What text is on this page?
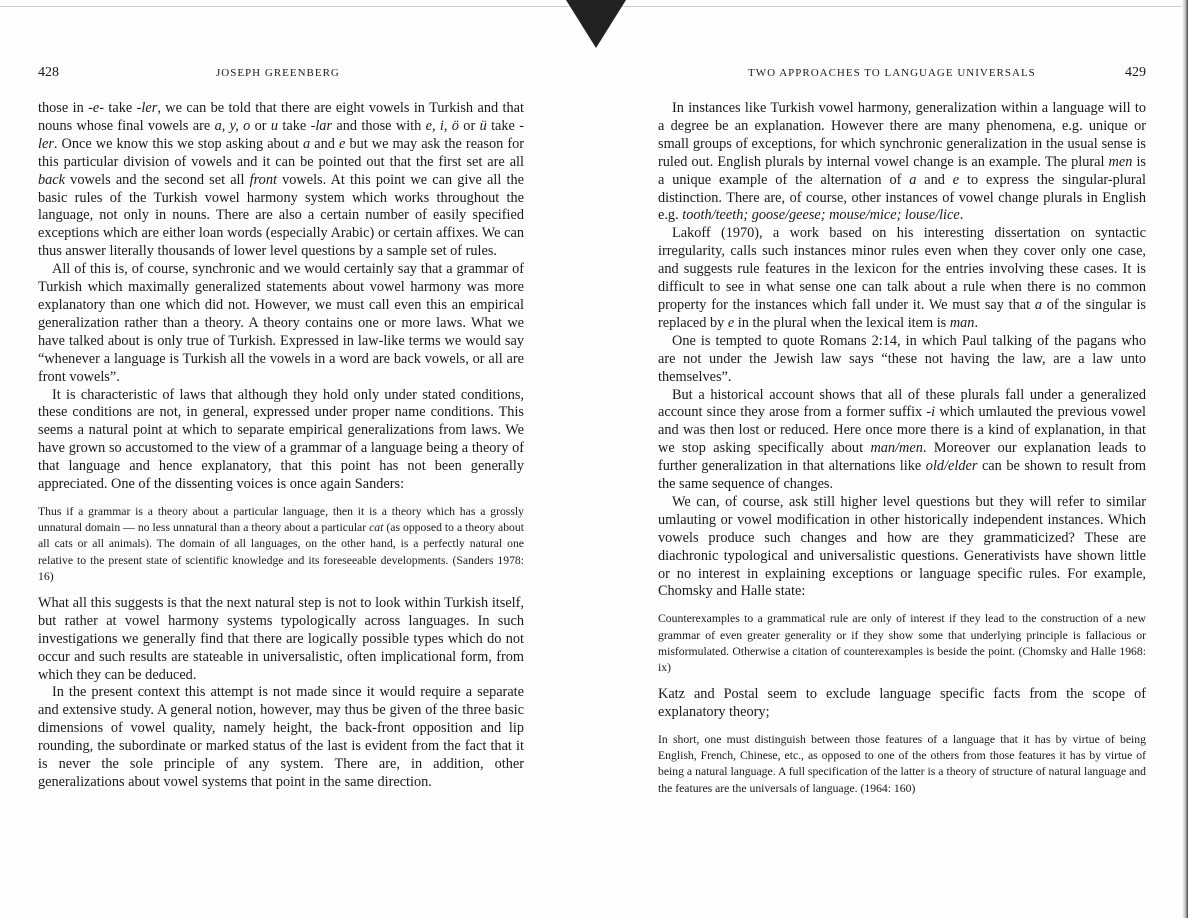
428	JOSEPH GREENBERG

those in -e- take -ler, we can be told that there are eight vowels in Turkish and that nouns whose final vowels are a, y, o or u take -lar and those with e, i, ö or ü take -ler. Once we know this we stop asking about a and e but we may ask the reason for this particular division of vowels and it can be pointed out that the first set are all back vowels and the second set all front vowels. At this point we can give all the basic rules of the Turkish vowel harmony system which works throughout the language, not only in nouns. There are also a certain number of easily specified exceptions which are either loan words (especially Arabic) or certain affixes. We can thus answer literally thousands of lower level questions by a sample set of rules.

All of this is, of course, synchronic and we would certainly say that a grammar of Turkish which maximally generalized statements about vowel harmony was more explanatory than one which did not. However, we must call even this an empirical generalization rather than a theory. A theory contains one or more laws. What we have talked about is only true of Turkish. Expressed in law-like terms we would say “whenever a language is Turkish all the vowels in a word are back vowels, or all are front vowels”.

It is characteristic of laws that although they hold only under stated conditions, these conditions are not, in general, expressed under proper name conditions. This seems a natural point at which to separate empirical generalizations from laws. We have grown so accustomed to the view of a grammar of a language being a theory of that language and hence explanatory, that this point has not been generally appreciated. One of the dissenting voices is once again Sanders:

Thus if a grammar is a theory about a particular language, then it is a theory which has a grossly unnatural domain — no less unnatural than a theory about a particular cat (as opposed to a theory about all cats or all animals). The domain of all languages, on the other hand, is a perfectly natural one relative to the present state of scientific knowledge and its foreseeable developments. (Sanders 1978: 16)

What all this suggests is that the next natural step is not to look within Turkish itself, but rather at vowel harmony systems typologically across languages. In such investigations we generally find that there are logically possible types which do not occur and such results are stateable in universalistic, often implicational form, from which they can be deduced.

In the present context this attempt is not made since it would require a separate and extensive study. A general notion, however, may thus be given of the three basic dimensions of vowel quality, namely height, the back-front opposition and lip rounding, the subordinate or marked status of the last is evident from the fact that it is never the sole principle of any system. There are, in addition, other generalizations about vowel systems that point in the same direction.

TWO APPROACHES TO LANGUAGE UNIVERSALS	429

In instances like Turkish vowel harmony, generalization within a language will to a degree be an explanation. However there are many phenomena, e.g. unique or small groups of exceptions, for which synchronic generalization in the usual sense is ruled out. English plurals by internal vowel change is an example. The plural men is a unique example of the alternation of a and e to express the singular-plural distinction. There are, of course, other instances of vowel change plurals in English e.g. tooth/teeth; goose/geese; mouse/mice; louse/lice.

Lakoff (1970), a work based on his interesting dissertation on syntactic irregularity, calls such instances minor rules even when they cover only one case, and suggests rule features in the lexicon for the entries involving these cases. It is difficult to see in what sense one can talk about a rule when there is no common property for the instances which fall under it. We must say that a of the singular is replaced by e in the plural when the lexical item is man.

One is tempted to quote Romans 2:14, in which Paul talking of the pagans who are not under the Jewish law says “these not having the law, are a law unto themselves”.

But a historical account shows that all of these plurals fall under a generalized account since they arose from a former suffix -i which umlauted the previous vowel and was then lost or reduced. Here once more there is a kind of explanation, in that we stop asking specifically about man/men. Moreover our explanation leads to further generalization in that alternations like old/elder can be shown to result from the same sequence of changes.

We can, of course, ask still higher level questions but they will refer to similar umlauting or vowel modification in other historically independent instances. Which vowels produce such changes and how are they grammaticized? These are diachronic typological and universalistic questions. Generativists have shown little or no interest in explaining exceptions or language specific rules. For example, Chomsky and Halle state:

Counterexamples to a grammatical rule are only of interest if they lead to the construction of a new grammar of even greater generality or if they show some that underlying principle is fallacious or misformulated. Otherwise a citation of counterexamples is beside the point. (Chomsky and Halle 1968: ix)

Katz and Postal seem to exclude language specific facts from the scope of explanatory theory;

In short, one must distinguish between those features of a language that it has by virtue of being English, French, Chinese, etc., as opposed to one of the others from those features it has by virtue of being a natural language. A full specification of the latter is a theory of structure of natural language and the features are the universals of language. (1964: 160)
